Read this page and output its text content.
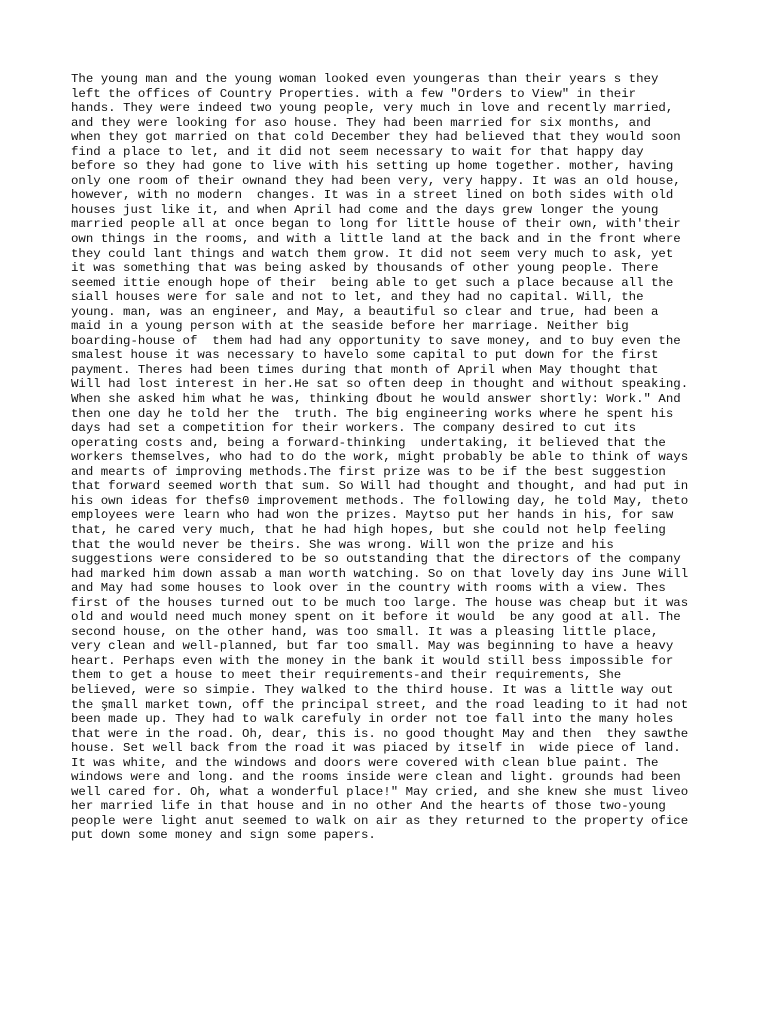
The young man and the young woman looked even youngeras than their years s they
left the offices of Country Properties. with a few "Orders to View" in their
hands. They were indeed two young people, very much in love and recently married,
and they were looking for aso house. They had been married for six months, and
when they got married on that cold December they had believed that they would soon
find a place to let, and it did not seem necessary to wait for that happy day
before so they had gone to live with his setting up home together. mother, having
only one room of their ownand they had been very, very happy. It was an old house,
however, with no modern  changes. It was in a street lined on both sides with old
houses just like it, and when April had come and the days grew longer the young
married people all at once began to long for little house of their own, with'their
own things in the rooms, and with a little land at the back and in the front where
they could lant things and watch them grow. It did not seem very much to ask, yet
it was something that was being asked by thousands of other young people. There
seemed ittie enough hope of their  being able to get such a place because all the
siall houses were for sale and not to let, and they had no capital. Will, the
young. man, was an engineer, and May, a beautiful so clear and true, had been a
maid in a young person with at the seaside before her marriage. Neither big
boarding-house of  them had had any opportunity to save money, and to buy even the
smalest house it was necessary to havelo some capital to put down for the first
payment. Theres had been times during that month of April when May thought that
Will had lost interest in her.He sat so often deep in thought and without speaking.
When she asked him what he was, thinking đbout he would answer shortly: Work." And
then one day he told her the  truth. The big engineering works where he spent his
days had set a competition for their workers. The company desired to cut its
operating costs and, being a forward-thinking  undertaking, it believed that the
workers themselves, who had to do the work, might probably be able to think of ways
and mearts of improving methods.The first prize was to be if the best suggestion
that forward seemed worth that sum. So Will had thought and thought, and had put in
his own ideas for thefs0 improvement methods. The following day, he told May, theto
employees were learn who had won the prizes. Maytso put her hands in his, for saw
that, he cared very much, that he had high hopes, but she could not help feeling
that the would never be theirs. She was wrong. Will won the prize and his
suggestions were considered to be so outstanding that the directors of the company
had marked him down assab a man worth watching. So on that lovely day ins June Will
and May had some houses to look over in the country with rooms with a view. Thes
first of the houses turned out to be much too large. The house was cheap but it was
old and would need much money spent on it before it would  be any good at all. The
second house, on the other hand, was too small. It was a pleasing little place,
very clean and well-planned, but far too small. May was beginning to have a heavy
heart. Perhaps even with the money in the bank it would still bess impossible for
them to get a house to meet their requirements-and their requirements, She
believed, were so simpie. They walked to the third house. It was a little way out
the şmall market town, off the principal street, and the road leading to it had not
been made up. They had to walk carefuly in order not toe fall into the many holes
that were in the road. Oh, dear, this is. no good thought May and then  they sawthe
house. Set well back from the road it was piaced by itself in  wide piece of land.
It was white, and the windows and doors were covered with clean blue paint. The
windows were and long. and the rooms inside were clean and light. grounds had been
well cared for. Oh, what a wonderful place!" May cried, and she knew she must liveo
her married life in that house and in no other And the hearts of those two-young
people were light anut seemed to walk on air as they returned to the property ofice
put down some money and sign some papers.
